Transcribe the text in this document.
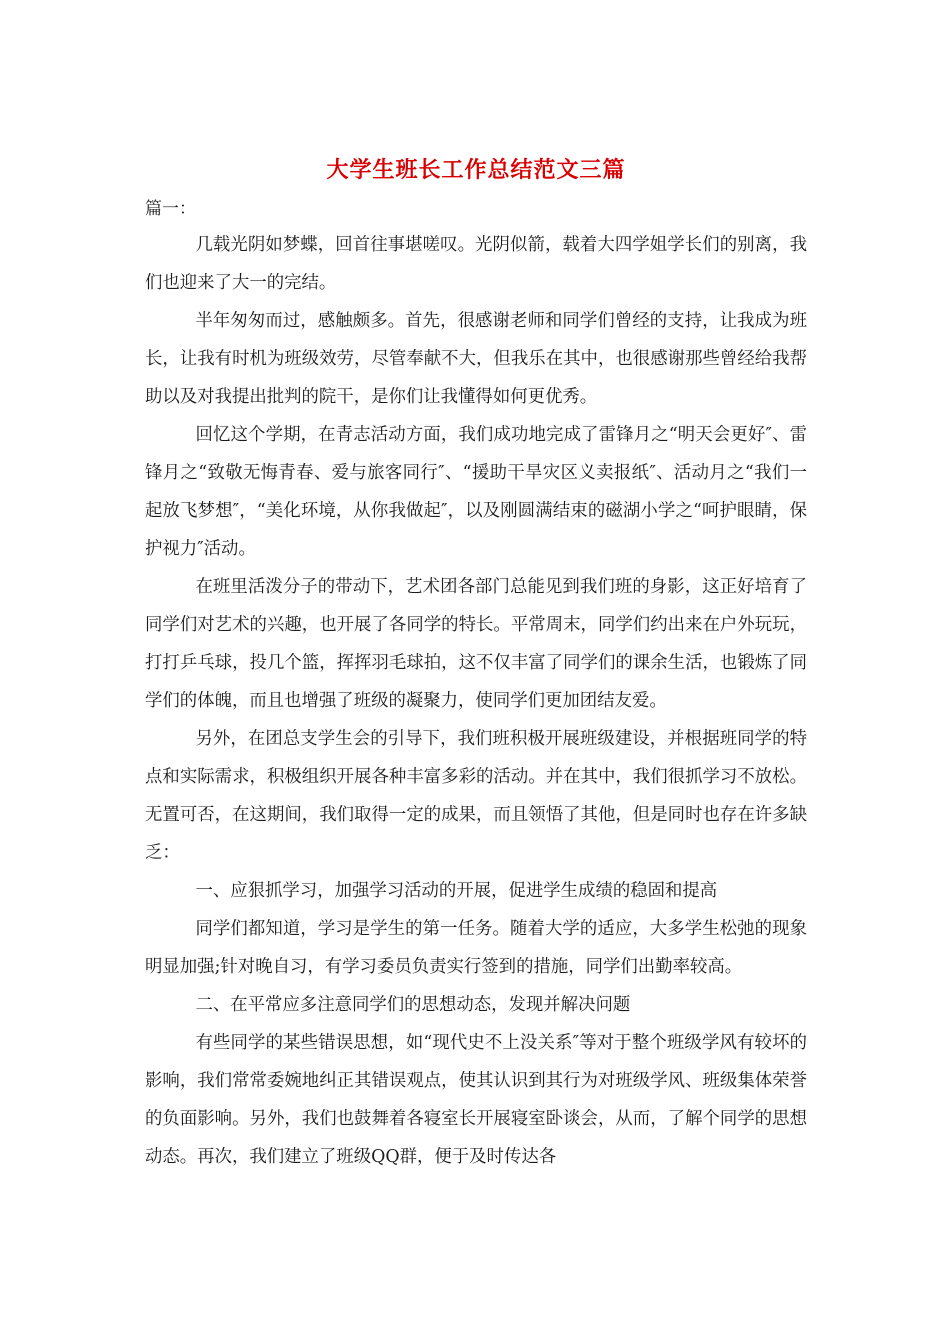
大学生班长工作总结范文三篇

篇一：

几载光阴如梦蝶，回首往事堪嗟叹。光阴似箭，载着大四学姐学长们的别离，我们也迎来了大一的完结。

半年匆匆而过，感触颇多。首先，很感谢老师和同学们曾经的支持，让我成为班长，让我有时机为班级效劳，尽管奉献不大，但我乐在其中，也很感谢那些曾经给我帮助以及对我提出批判的院干，是你们让我懂得如何更优秀。

回忆这个学期，在青志活动方面，我们成功地完成了雷锋月之“明天会更好″、雷锋月之“致敬无悔青春、爱与旅客同行″、“援助干旱灾区义卖报纸″、活动月之“我们一起放飞梦想″，“美化环境，从你我做起″，以及刚圆满结束的磁湖小学之“呵护眼睛，保护视力″活动。

在班里活泼分子的带动下，艺术团各部门总能见到我们班的身影，这正好培育了同学们对艺术的兴趣，也开展了各同学的特长。平常周末，同学们约出来在户外玩玩，打打乒乓球，投几个篮，挥挥羽毛球拍，这不仅丰富了同学们的课余生活，也锻炼了同学们的体魄，而且也增强了班级的凝聚力，使同学们更加团结友爱。

另外，在团总支学生会的引导下，我们班积极开展班级建设，并根据班同学的特点和实际需求，积极组织开展各种丰富多彩的活动。并在其中，我们很抓学习不放松。无置可否，在这期间，我们取得一定的成果，而且领悟了其他，但是同时也存在许多缺乏：

一、应狠抓学习，加强学习活动的开展，促进学生成绩的稳固和提高

同学们都知道，学习是学生的第一任务。随着大学的适应，大多学生松弛的现象明显加强;针对晚自习，有学习委员负责实行签到的措施，同学们出勤率较高。

二、在平常应多注意同学们的思想动态，发现并解决问题

有些同学的某些错误思想，如“现代史不上没关系″等对于整个班级学风有较坏的影响，我们常常委婉地纠正其错误观点，使其认识到其行为对班级学风、班级集体荣誉的负面影响。另外，我们也鼓舞着各寝室长开展寝室卧谈会，从而，了解个同学的思想动态。再次，我们建立了班级QQ群，便于及时传达各
